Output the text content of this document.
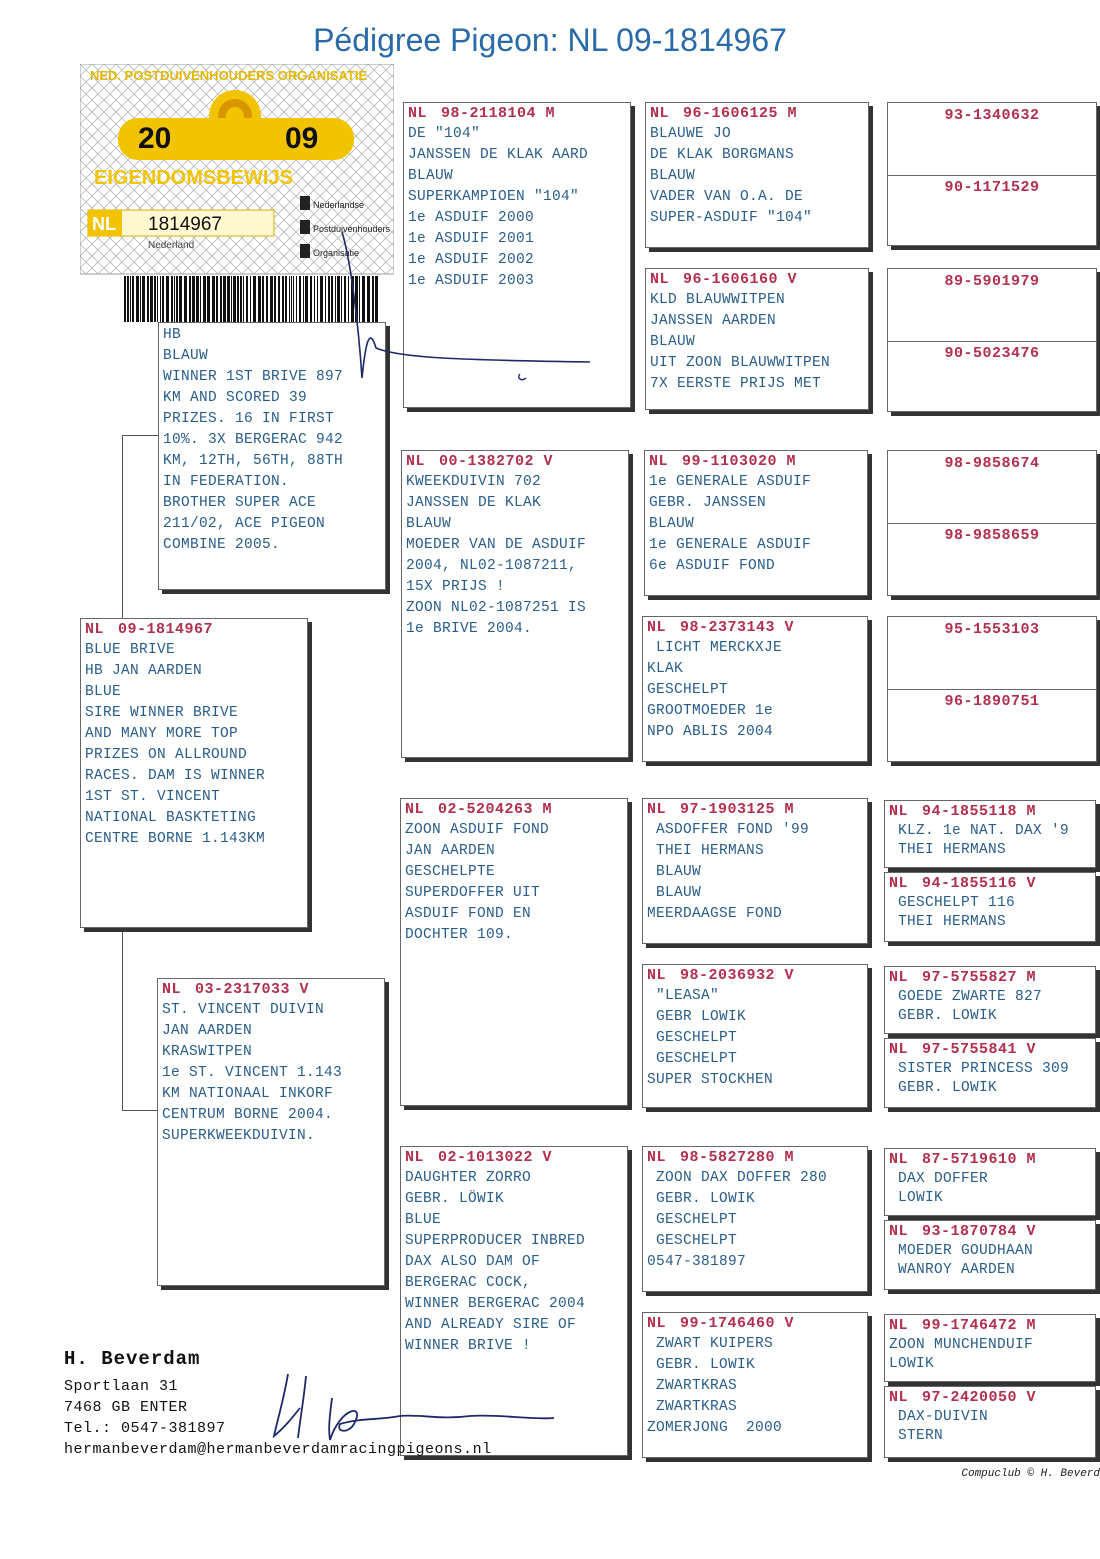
Pédigree Pigeon: NL 09-1814967
NED. POSTDUIVENHOUDERS ORGANISATIE
20	09
EIGENDOMSBEWIJS
NL 1814967
Nederland
Nederlandse
Postduivenhouders
Organisatie
HB
BLAUW
WINNER 1ST BRIVE 897
KM AND SCORED 39
PRIZES. 16 IN FIRST
10%. 3X BERGERAC 942
KM, 12TH, 56TH, 88TH
IN FEDERATION.
BROTHER SUPER ACE
211/02, ACE PIGEON
COMBINE 2005.
NL 09-1814967
BLUE BRIVE
HB JAN AARDEN
BLUE
SIRE WINNER BRIVE
AND MANY MORE TOP
PRIZES ON ALLROUND
RACES. DAM IS WINNER
1ST ST. VINCENT
NATIONAL BASKTETING
CENTRE BORNE 1.143KM
NL 03-2317033 V
ST. VINCENT DUIVIN
JAN AARDEN
KRASWITPEN
1e ST. VINCENT 1.143
KM NATIONAAL INKORF
CENTRUM BORNE 2004.
SUPERKWEEKDUIVIN.
NL 98-2118104 M
DE "104"
JANSSEN DE KLAK AARD
BLAUW
SUPERKAMPIOEN "104"
1e ASDUIF 2000
1e ASDUIF 2001
1e ASDUIF 2002
1e ASDUIF 2003
NL 00-1382702 V
KWEEKDUIVIN 702
JANSSEN DE KLAK
BLAUW
MOEDER VAN DE ASDUIF
2004, NL02-1087211,
15X PRIJS !
ZOON NL02-1087251 IS
1e BRIVE 2004.
NL 02-5204263 M
ZOON ASDUIF FOND
JAN AARDEN
GESCHELPTE
SUPERDOFFER UIT
ASDUIF FOND EN
DOCHTER 109.
NL 02-1013022 V
DAUGHTER ZORRO
GEBR. LÖWIK
BLUE
SUPERPRODUCER INBRED
DAX ALSO DAM OF
BERGERAC COCK,
WINNER BERGERAC 2004
AND ALREADY SIRE OF
WINNER BRIVE !
NL 96-1606125 M
BLAUWE JO
DE KLAK BORGMANS
BLAUW
VADER VAN O.A. DE
SUPER-ASDUIF "104"
NL 96-1606160 V
KLD BLAUWWITPEN
JANSSEN AARDEN
BLAUW
UIT ZOON BLAUWWITPEN
7X EERSTE PRIJS MET
NL 99-1103020 M
1e GENERALE ASDUIF
GEBR. JANSSEN
BLAUW
1e GENERALE ASDUIF
6e ASDUIF FOND
NL 98-2373143 V
LICHT MERCKXJE
KLAK
GESCHELPT
GROOTMOEDER 1e
NPO ABLIS 2004
NL 97-1903125 M
ASDOFFER FOND '99
THEI HERMANS
BLAUW
BLAUW
MEERDAAGSE FOND
NL 98-2036932 V
"LEASA"
GEBR LOWIK
GESCHELPT
GESCHELPT
SUPER STOCKHEN
NL 98-5827280 M
ZOON DAX DOFFER 280
GEBR. LOWIK
GESCHELPT
GESCHELPT
0547-381897
NL 99-1746460 V
ZWART KUIPERS
GEBR. LOWIK
ZWARTKRAS
ZWARTKRAS
ZOMERJONG  2000
93-1340632
90-1171529
89-5901979
90-5023476
98-9858674
98-9858659
95-1553103
96-1890751
NL 94-1855118 M
KLZ. 1e NAT. DAX '9
THEI HERMANS
NL 94-1855116 V
GESCHELPT 116
THEI HERMANS
NL 97-5755827 M
GOEDE ZWARTE 827
GEBR. LOWIK
NL 97-5755841 V
SISTER PRINCESS 309
GEBR. LOWIK
NL 87-5719610 M
DAX DOFFER
LOWIK
NL 93-1870784 V
MOEDER GOUDHAAN
WANROY AARDEN
NL 99-1746472 M
ZOON MUNCHENDUIF
LOWIK
NL 97-2420050 V
DAX-DUIVIN
STERN
H. Beverdam
Sportlaan 31
7468 GB ENTER
Tel.: 0547-381897
hermanbeverdam@hermanbeverdamracingpigeons.nl
Compuclub © H. Beverd
